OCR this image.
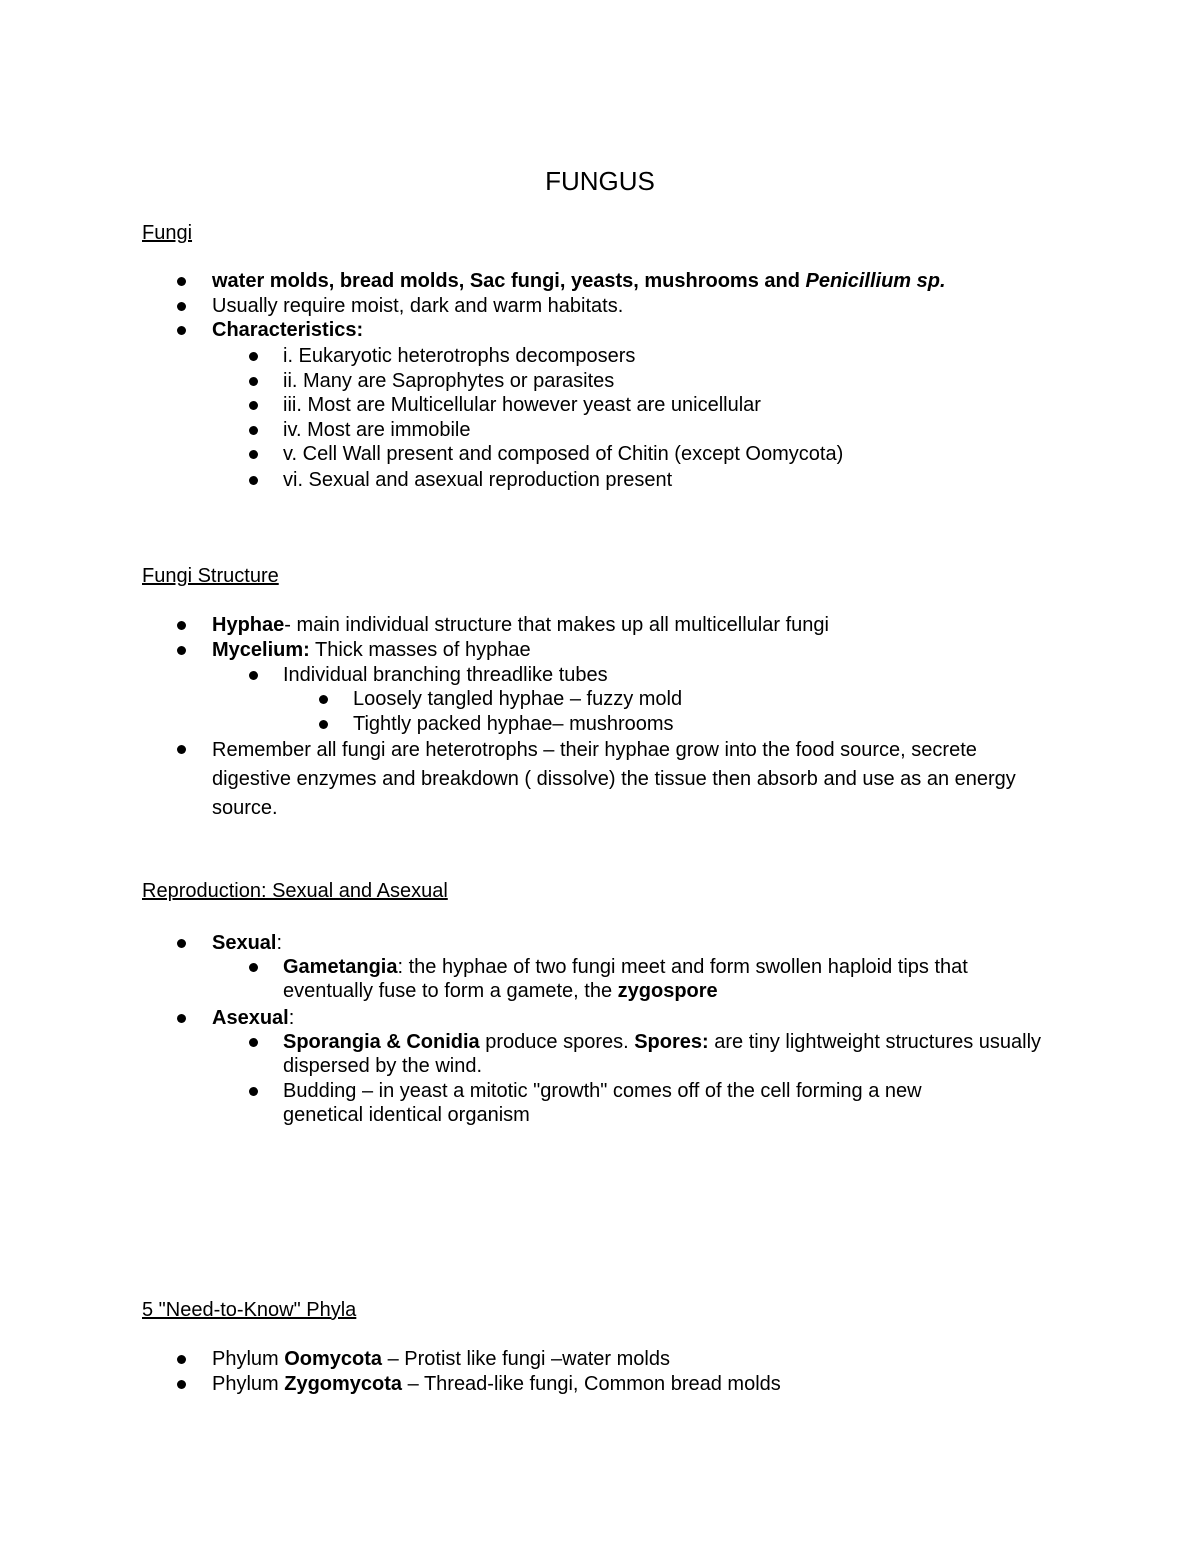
FUNGUS
Fungi
water molds, bread molds, Sac fungi, yeasts, mushrooms and Penicillium sp.
Usually require moist, dark and warm habitats.
Characteristics:
i. Eukaryotic heterotrophs decomposers
ii. Many are Saprophytes or parasites
iii. Most are Multicellular however yeast are unicellular
iv. Most are immobile
v. Cell Wall present and composed of Chitin (except Oomycota)
vi. Sexual and asexual reproduction present
Fungi Structure
Hyphae- main individual structure that makes up all multicellular fungi
Mycelium: Thick masses of hyphae
Individual branching threadlike tubes
Loosely tangled hyphae – fuzzy mold
Tightly packed hyphae– mushrooms
Remember all fungi are heterotrophs – their hyphae grow into the food source, secrete digestive enzymes and breakdown ( dissolve) the tissue then absorb and use as an energy source.
Reproduction: Sexual and Asexual
Sexual:
Gametangia: the hyphae of two fungi meet and form swollen haploid tips that eventually fuse to form a gamete, the zygospore
Asexual:
Sporangia & Conidia produce spores. Spores: are tiny lightweight structures usually dispersed by the wind.
Budding – in yeast a mitotic "growth" comes off of the cell forming a new genetical identical organism
5 "Need-to-Know" Phyla
Phylum Oomycota – Protist like fungi –water molds
Phylum Zygomycota – Thread-like fungi, Common bread molds
